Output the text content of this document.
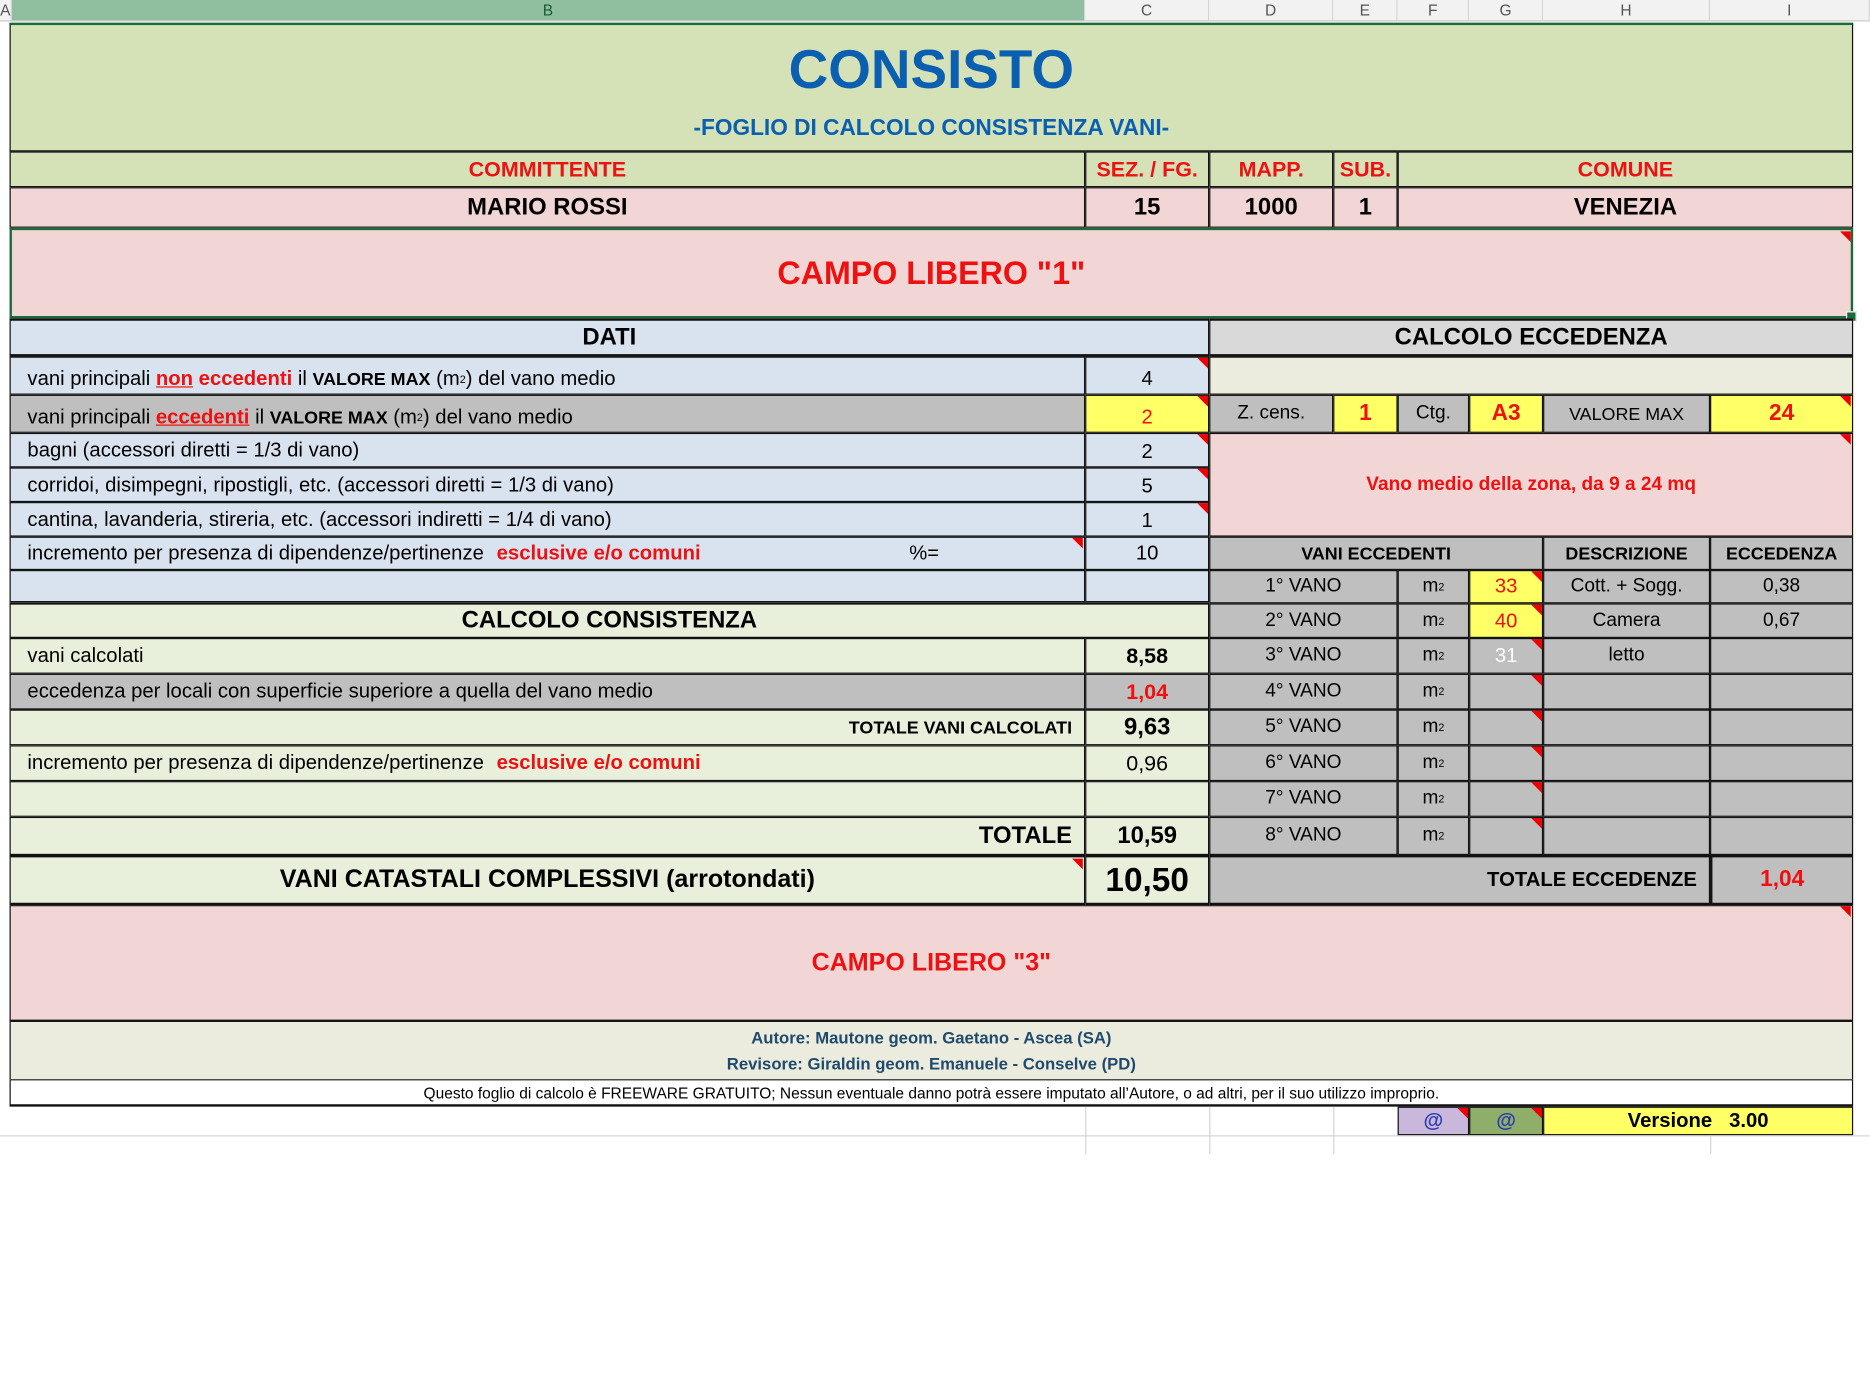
A	B	C	D	E	F	G	H	I
CONSISTO
-FOGLIO DI CALCOLO CONSISTENZA VANI-
COMMITTENTE	SEZ. / FG.	MAPP.	SUB.	COMUNE
MARIO ROSSI	15	1000	1	VENEZIA
CAMPO LIBERO "1"
DATI
vani principali non eccedenti il VALORE MAX (m 2 ) del vano medio	4
vani principali eccedenti il VALORE MAX (m 2 ) del vano medio	2
bagni (accessori diretti = 1/3 di vano)	2
corridoi, disimpegni, ripostigli, etc. (accessori diretti = 1/3 di vano)	5
cantina, lavanderia, stireria, etc. (accessori indiretti = 1/4 di vano)	1
incremento per presenza di dipendenze/pertinenze esclusive e/o comuni	%=	10
CALCOLO CONSISTENZA
vani calcolati	8,58
eccedenza per locali con superficie superiore a quella del vano medio	1,04
TOTALE VANI CALCOLATI	9,63
incremento per presenza di dipendenze/pertinenze esclusive e/o comuni	0,96
TOTALE	10,59
VANI CATASTALI COMPLESSIVI (arrotondati)	10,50
CALCOLO ECCEDENZA
Z. cens.	1	Ctg.	A3	VALORE MAX	24
Vano medio della zona, da 9 a 24 mq
VANI ECCEDENTI	DESCRIZIONE	ECCEDENZA
1° VANO	m 2	33	Cott. + Sogg.	0,38
2° VANO	m 2	40	Camera	0,67
3° VANO	m 2	31	letto
4° VANO	m 2
5° VANO	m 2
6° VANO	m 2
7° VANO	m 2
8° VANO	m 2
TOTALE ECCEDENZE	1,04
CAMPO LIBERO "3"
Autore: Mautone geom. Gaetano - Ascea (SA)
Revisore: Giraldin geom. Emanuele - Conselve (PD)
Questo foglio di calcolo è FREEWARE GRATUITO; Nessun eventuale danno potrà essere imputato all’Autore, o ad altri, per il suo utilizzo improprio.
@	@	Versione   3.00
